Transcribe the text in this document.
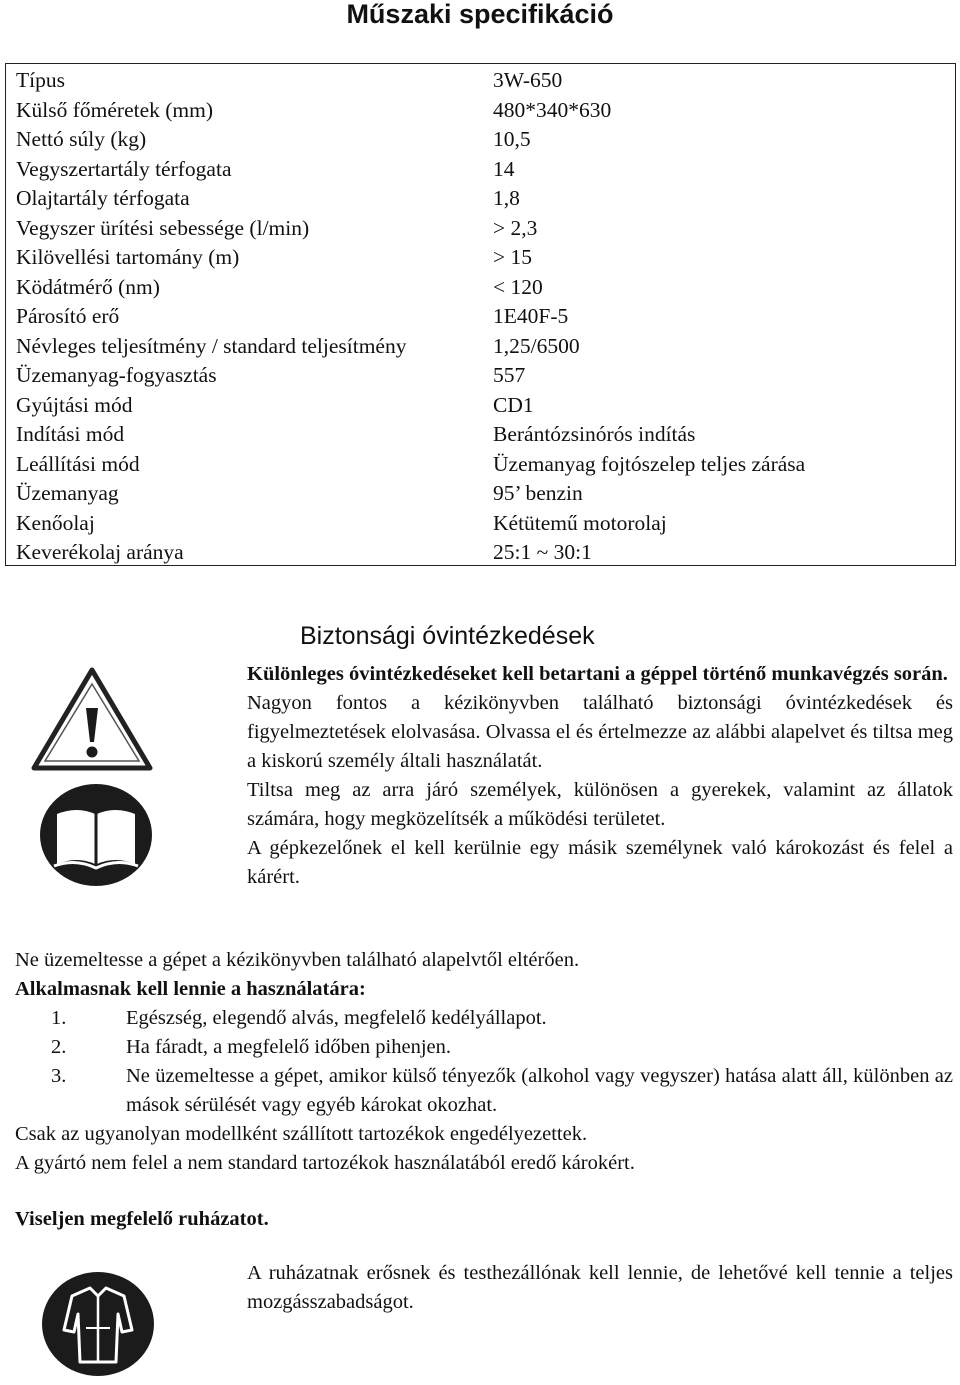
Műszaki specifikáció
Típus	3W-650
Külső főméretek (mm)	480*340*630
Nettó súly (kg)	10,5
Vegyszertartály térfogata	14
Olajtartály térfogata	1,8
Vegyszer ürítési sebessége (l/min)	> 2,3
Kilövellési tartomány (m)	> 15
Ködátmérő (nm)	< 120
Párosító erő	1E40F-5
Névleges teljesítmény / standard teljesítmény	1,25/6500
Üzemanyag-fogyasztás	557
Gyújtási mód	CD1
Indítási mód	Berántózsinórós indítás
Leállítási mód	Üzemanyag fojtószelep teljes zárása
Üzemanyag	95’ benzin
Kenőolaj	Kétütemű motorolaj
Keverékolaj aránya	25:1 ~ 30:1
Biztonsági óvintézkedések

Különleges óvintézkedéseket kell betartani a géppel történő munkavégzés során.

Nagyon fontos a kézikönyvben található biztonsági óvintézkedések és figyelmeztetések elolvasása. Olvassa el és értelmezze az alábbi alapelvet és tiltsa meg a kiskorú személy általi használatát.

Tiltsa meg az arra járó személyek, különösen a gyerekek, valamint az állatok számára, hogy megközelítsék a működési területet.

A gépkezelőnek el kell kerülnie egy másik személynek való károkozást és felel a kárért.

Ne üzemeltesse a gépet a kézikönyvben található alapelvtől eltérően.

Alkalmasnak kell lennie a használatára:

1.	Egészség, elegendő alvás, megfelelő kedélyállapot.
2.	Ha fáradt, a megfelelő időben pihenjen.
3.	Ne üzemeltesse a gépet, amikor külső tényezők (alkohol vagy vegyszer) hatása alatt áll, különben az mások sérülését vagy egyéb károkat okozhat.

Csak az ugyanolyan modellként szállított tartozékok engedélyezettek.

A gyártó nem felel a nem standard tartozékok használatából eredő károkért.

Viseljen megfelelő ruházatot.
A ruházatnak erősnek és testhezállónak kell lennie, de lehetővé kell tennie a teljes mozgásszabadságot.
